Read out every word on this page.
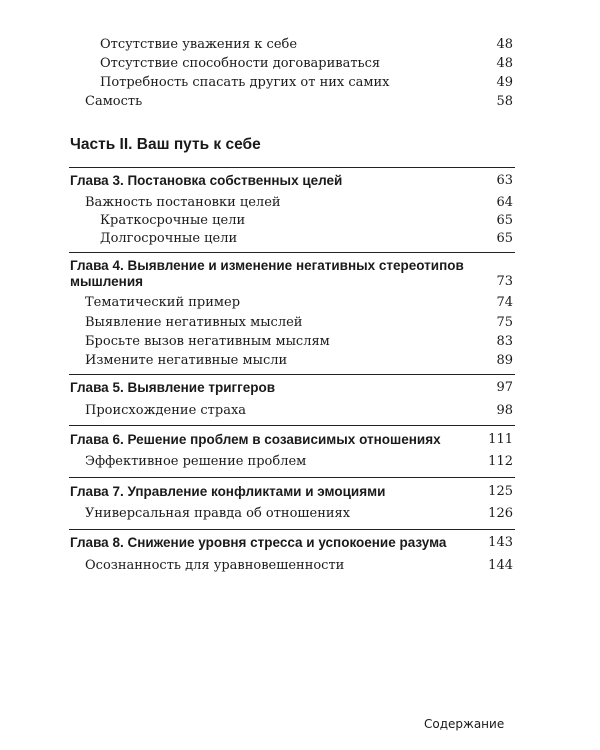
Отсутствие уважения к себе	48
Отсутствие способности договариваться	48
Потребность спасать других от них самих	49
Самость	58
Часть II. Ваш путь к себе
Глава 3. Постановка собственных целей	63
Важность постановки целей	64
Краткосрочные цели	65
Долгосрочные цели	65
Глава 4. Выявление и изменение негативных стереотипов
мышления	73
Тематический пример	74
Выявление негативных мыслей	75
Бросьте вызов негативным мыслям	83
Измените негативные мысли	89
Глава 5. Выявление триггеров	97
Происхождение страха	98
Глава 6. Решение проблем в созависимых отношениях	111
Эффективное решение проблем	112
Глава 7. Управление конфликтами и эмоциями	125
Универсальная правда об отношениях	126
Глава 8. Снижение уровня стресса и успокоение разума	143
Осознанность для уравновешенности	144
Содержание
